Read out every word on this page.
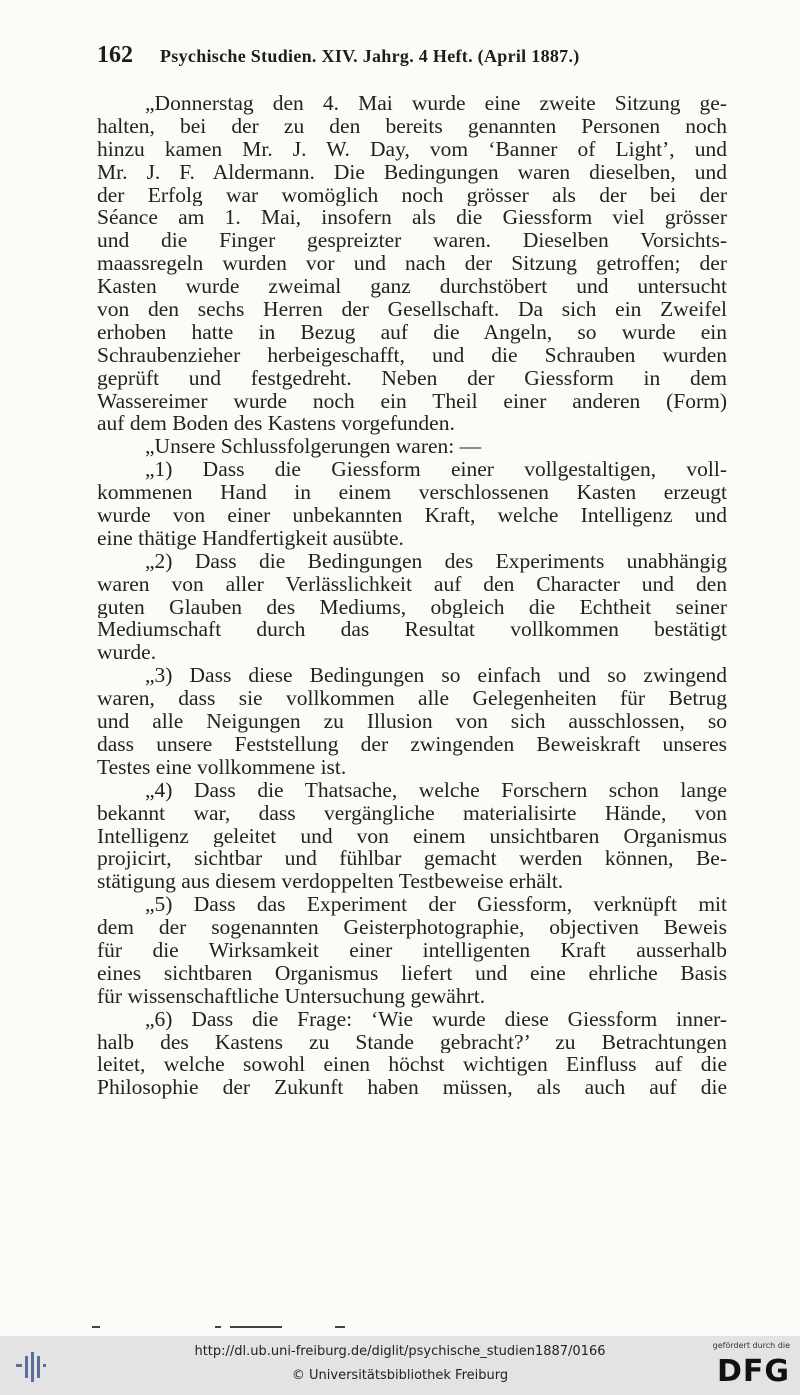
162 Psychische Studien. XIV. Jahrg. 4 Heft. (April 1887.)
„Donnerstag den 4. Mai wurde eine zweite Sitzung ge-
halten, bei der zu den bereits genannten Personen noch
hinzu kamen Mr. J. W. Day, vom ‘Banner of Light’, und
Mr. J. F. Aldermann. Die Bedingungen waren dieselben, und
der Erfolg war womöglich noch grösser als der bei der
Séance am 1. Mai, insofern als die Giessform viel grösser
und die Finger gespreizter waren. Dieselben Vorsichts-
maassregeln wurden vor und nach der Sitzung getroffen; der
Kasten wurde zweimal ganz durchstöbert und untersucht
von den sechs Herren der Gesellschaft. Da sich ein Zweifel
erhoben hatte in Bezug auf die Angeln, so wurde ein
Schraubenzieher herbeigeschafft, und die Schrauben wurden
geprüft und festgedreht. Neben der Giessform in dem
Wassereimer wurde noch ein Theil einer anderen (Form)
auf dem Boden des Kastens vorgefunden.
„Unsere Schlussfolgerungen waren: —
„1) Dass die Giessform einer vollgestaltigen, voll-
kommenen Hand in einem verschlossenen Kasten erzeugt
wurde von einer unbekannten Kraft, welche Intelligenz und
eine thätige Handfertigkeit ausübte.
„2) Dass die Bedingungen des Experiments unabhängig
waren von aller Verlässlichkeit auf den Character und den
guten Glauben des Mediums, obgleich die Echtheit seiner
Mediumschaft durch das Resultat vollkommen bestätigt
wurde.
„3) Dass diese Bedingungen so einfach und so zwingend
waren, dass sie vollkommen alle Gelegenheiten für Betrug
und alle Neigungen zu Illusion von sich ausschlossen, so
dass unsere Feststellung der zwingenden Beweiskraft unseres
Testes eine vollkommene ist.
„4) Dass die Thatsache, welche Forschern schon lange
bekannt war, dass vergängliche materialisirte Hände, von
Intelligenz geleitet und von einem unsichtbaren Organismus
projicirt, sichtbar und fühlbar gemacht werden können, Be-
stätigung aus diesem verdoppelten Testbeweise erhält.
„5) Dass das Experiment der Giessform, verknüpft mit
dem der sogenannten Geisterphotographie, objectiven Beweis
für die Wirksamkeit einer intelligenten Kraft ausserhalb
eines sichtbaren Organismus liefert und eine ehrliche Basis
für wissenschaftliche Untersuchung gewährt.
„6) Dass die Frage: ‘Wie wurde diese Giessform inner-
halb des Kastens zu Stande gebracht?’ zu Betrachtungen
leitet, welche sowohl einen höchst wichtigen Einfluss auf die
Philosophie der Zukunft haben müssen, als auch auf die
http://dl.ub.uni-freiburg.de/diglit/psychische_studien1887/0166
© Universitätsbibliothek Freiburg
gefördert durch die
DFG
